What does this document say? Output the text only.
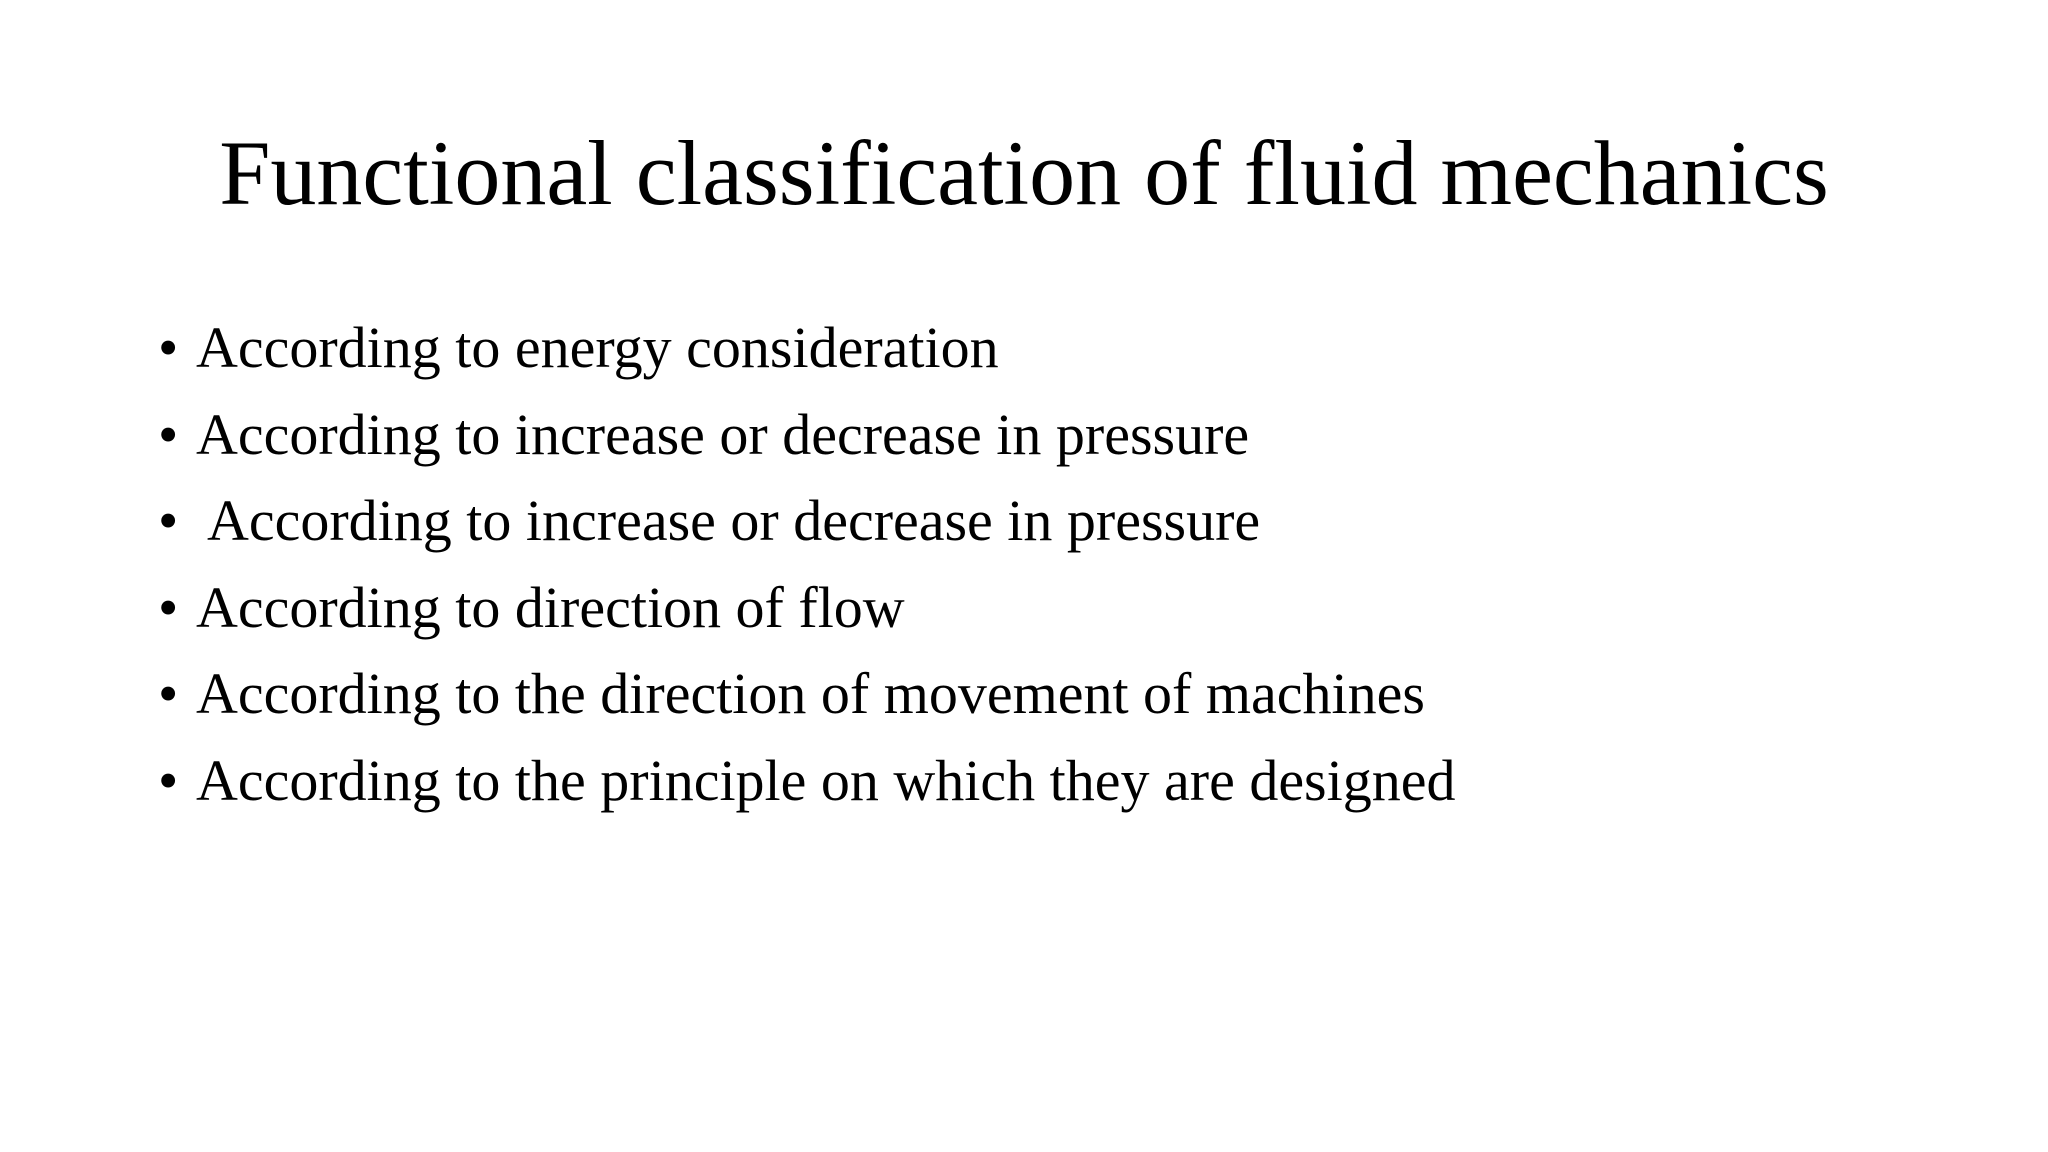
Functional classification of fluid mechanics
• According to energy consideration
• According to increase or decrease in pressure
• According to increase or decrease in pressure
• According to direction of flow
• According to the direction of movement of machines
• According to the principle on which they are designed
